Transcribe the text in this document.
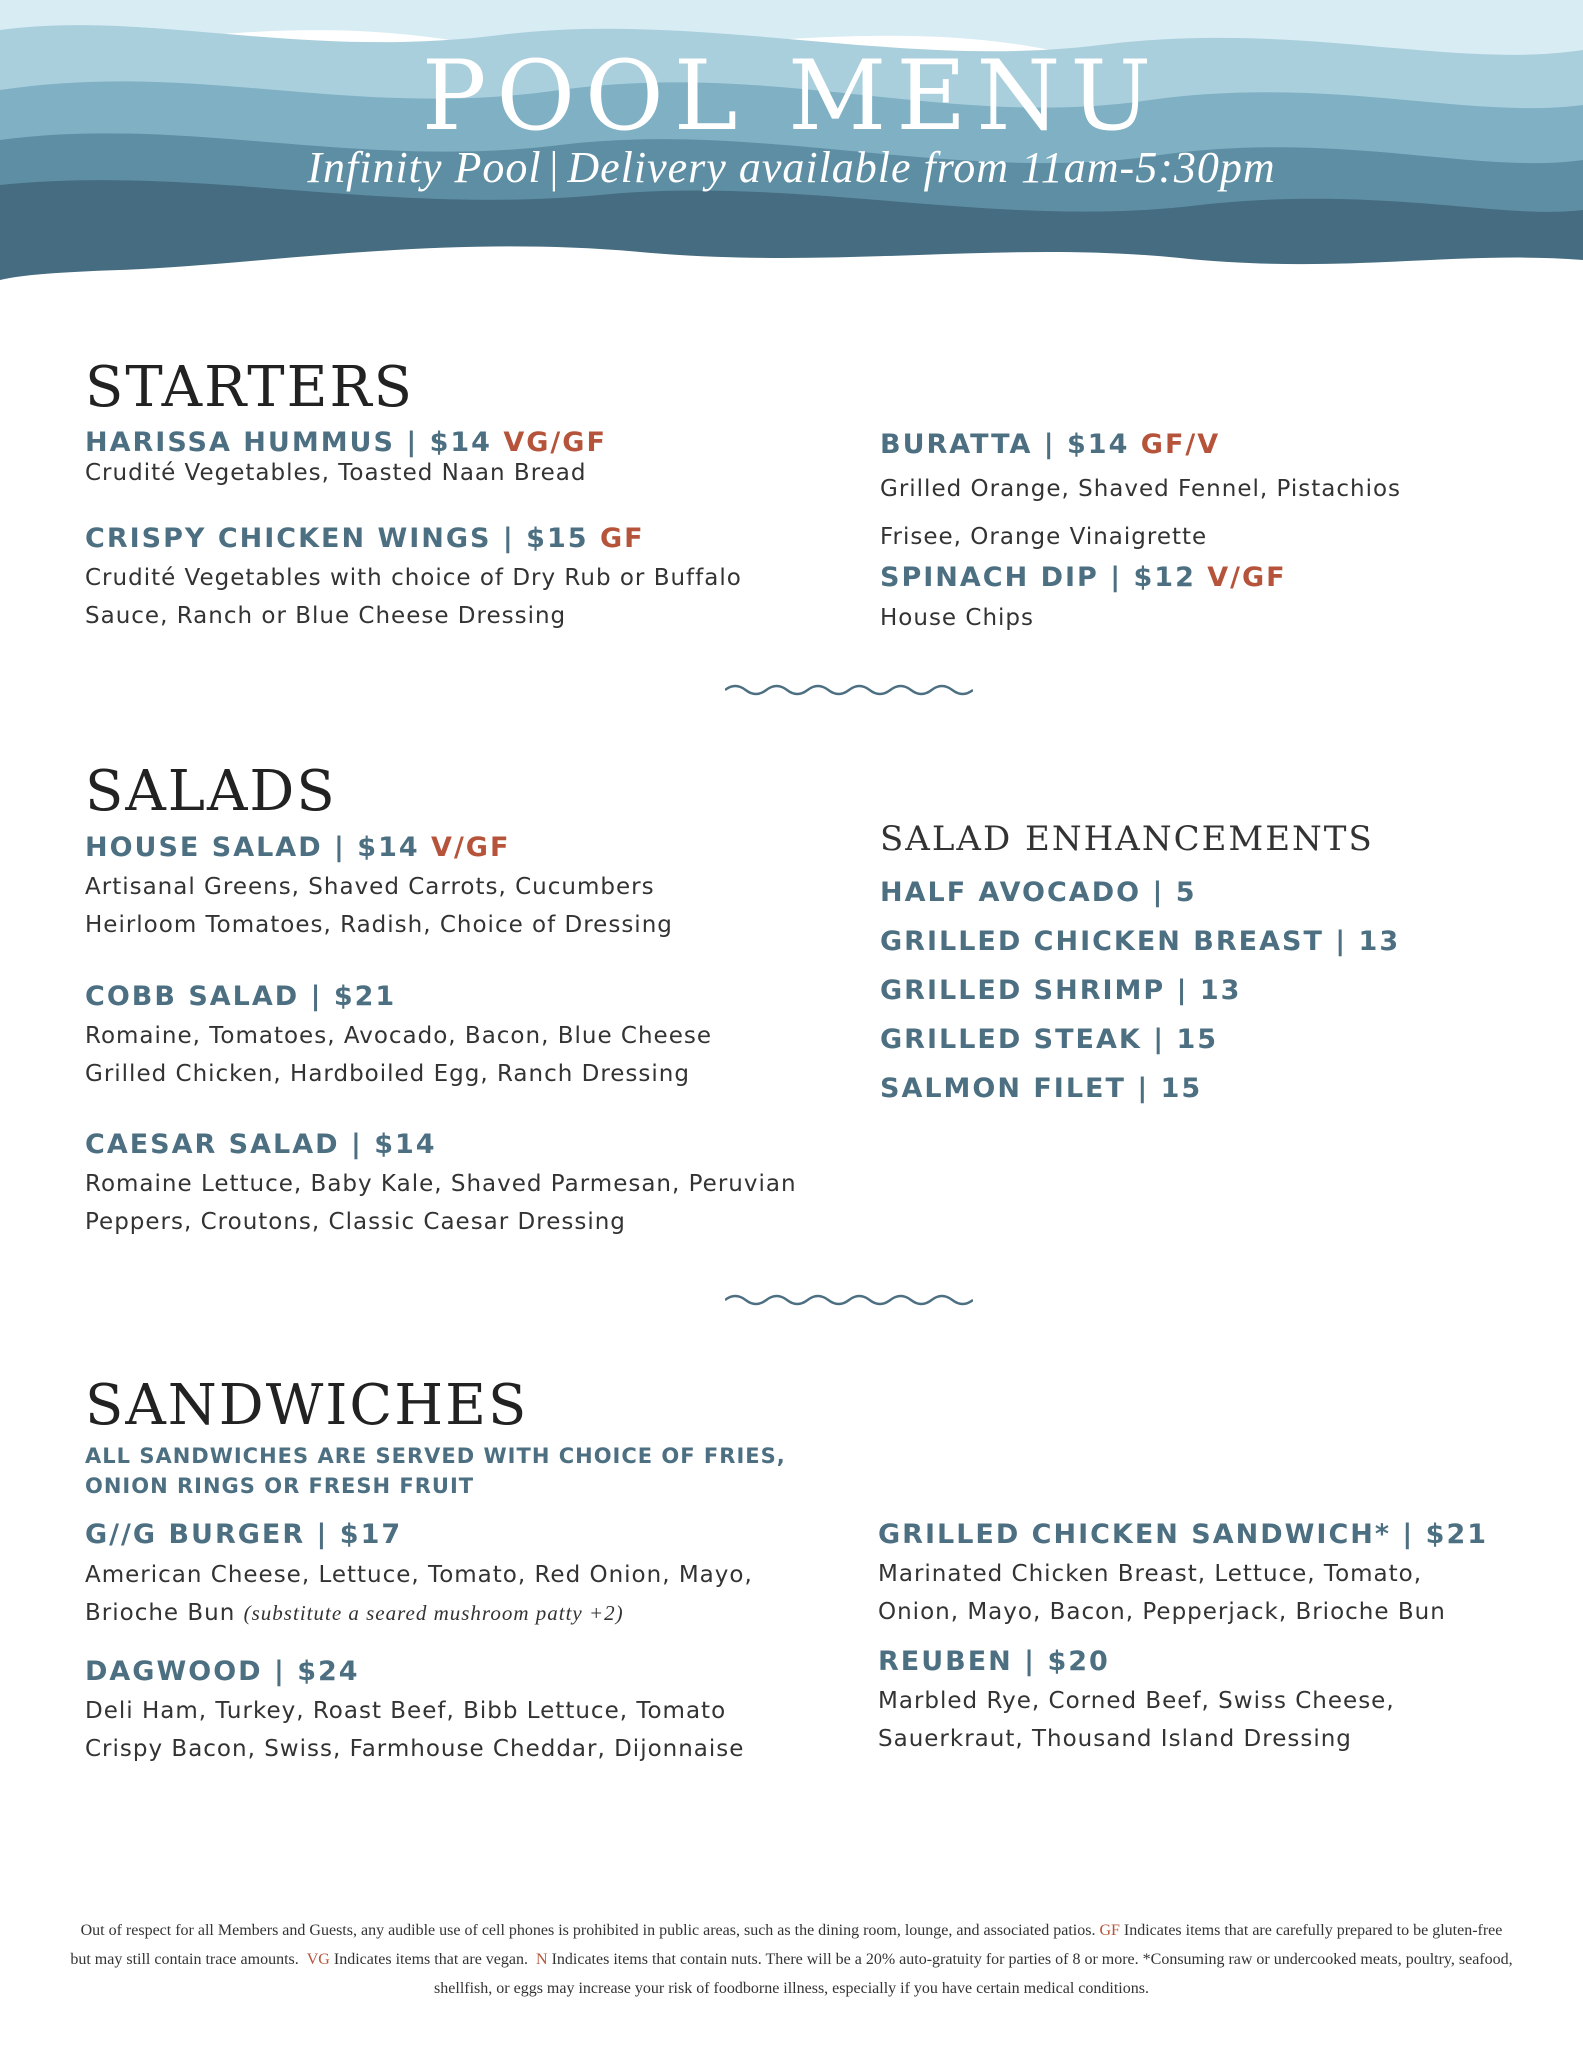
POOL MENU
Infinity Pool | Delivery available from 11am-5:30pm
STARTERS
HARISSA HUMMUS | $14 VG/GF
Crudité Vegetables, Toasted Naan Bread
CRISPY CHICKEN WINGS | $15 GF
Crudité Vegetables with choice of Dry Rub or Buffalo
Sauce, Ranch or Blue Cheese Dressing
BURATTA | $14 GF/V
Grilled Orange, Shaved Fennel, Pistachios
Frisee, Orange Vinaigrette
SPINACH DIP | $12 V/GF
House Chips
SALADS
HOUSE SALAD | $14 V/GF
Artisanal Greens, Shaved Carrots, Cucumbers
Heirloom Tomatoes, Radish, Choice of Dressing
COBB SALAD | $21
Romaine, Tomatoes, Avocado, Bacon, Blue Cheese
Grilled Chicken, Hardboiled Egg, Ranch Dressing
CAESAR SALAD | $14
Romaine Lettuce, Baby Kale, Shaved Parmesan, Peruvian
Peppers, Croutons, Classic Caesar Dressing
SALAD ENHANCEMENTS
HALF AVOCADO | 5
GRILLED CHICKEN BREAST | 13
GRILLED SHRIMP | 13
GRILLED STEAK | 15
SALMON FILET | 15
SANDWICHES
ALL SANDWICHES ARE SERVED WITH CHOICE OF FRIES,
ONION RINGS OR FRESH FRUIT
G//G BURGER | $17
American Cheese, Lettuce, Tomato, Red Onion, Mayo,
Brioche Bun (substitute a seared mushroom patty +2)
DAGWOOD | $24
Deli Ham, Turkey, Roast Beef, Bibb Lettuce, Tomato
Crispy Bacon, Swiss, Farmhouse Cheddar, Dijonnaise
GRILLED CHICKEN SANDWICH* | $21
Marinated Chicken Breast, Lettuce, Tomato,
Onion, Mayo, Bacon, Pepperjack, Brioche Bun
REUBEN | $20
Marbled Rye, Corned Beef, Swiss Cheese,
Sauerkraut, Thousand Island Dressing
Out of respect for all Members and Guests, any audible use of cell phones is prohibited in public areas, such as the dining room, lounge, and associated patios. GF Indicates items that are carefully prepared to be gluten-free but may still contain trace amounts. VG Indicates items that are vegan. N Indicates items that contain nuts. There will be a 20% auto-gratuity for parties of 8 or more. *Consuming raw or undercooked meats, poultry, seafood, shellfish, or eggs may increase your risk of foodborne illness, especially if you have certain medical conditions.
